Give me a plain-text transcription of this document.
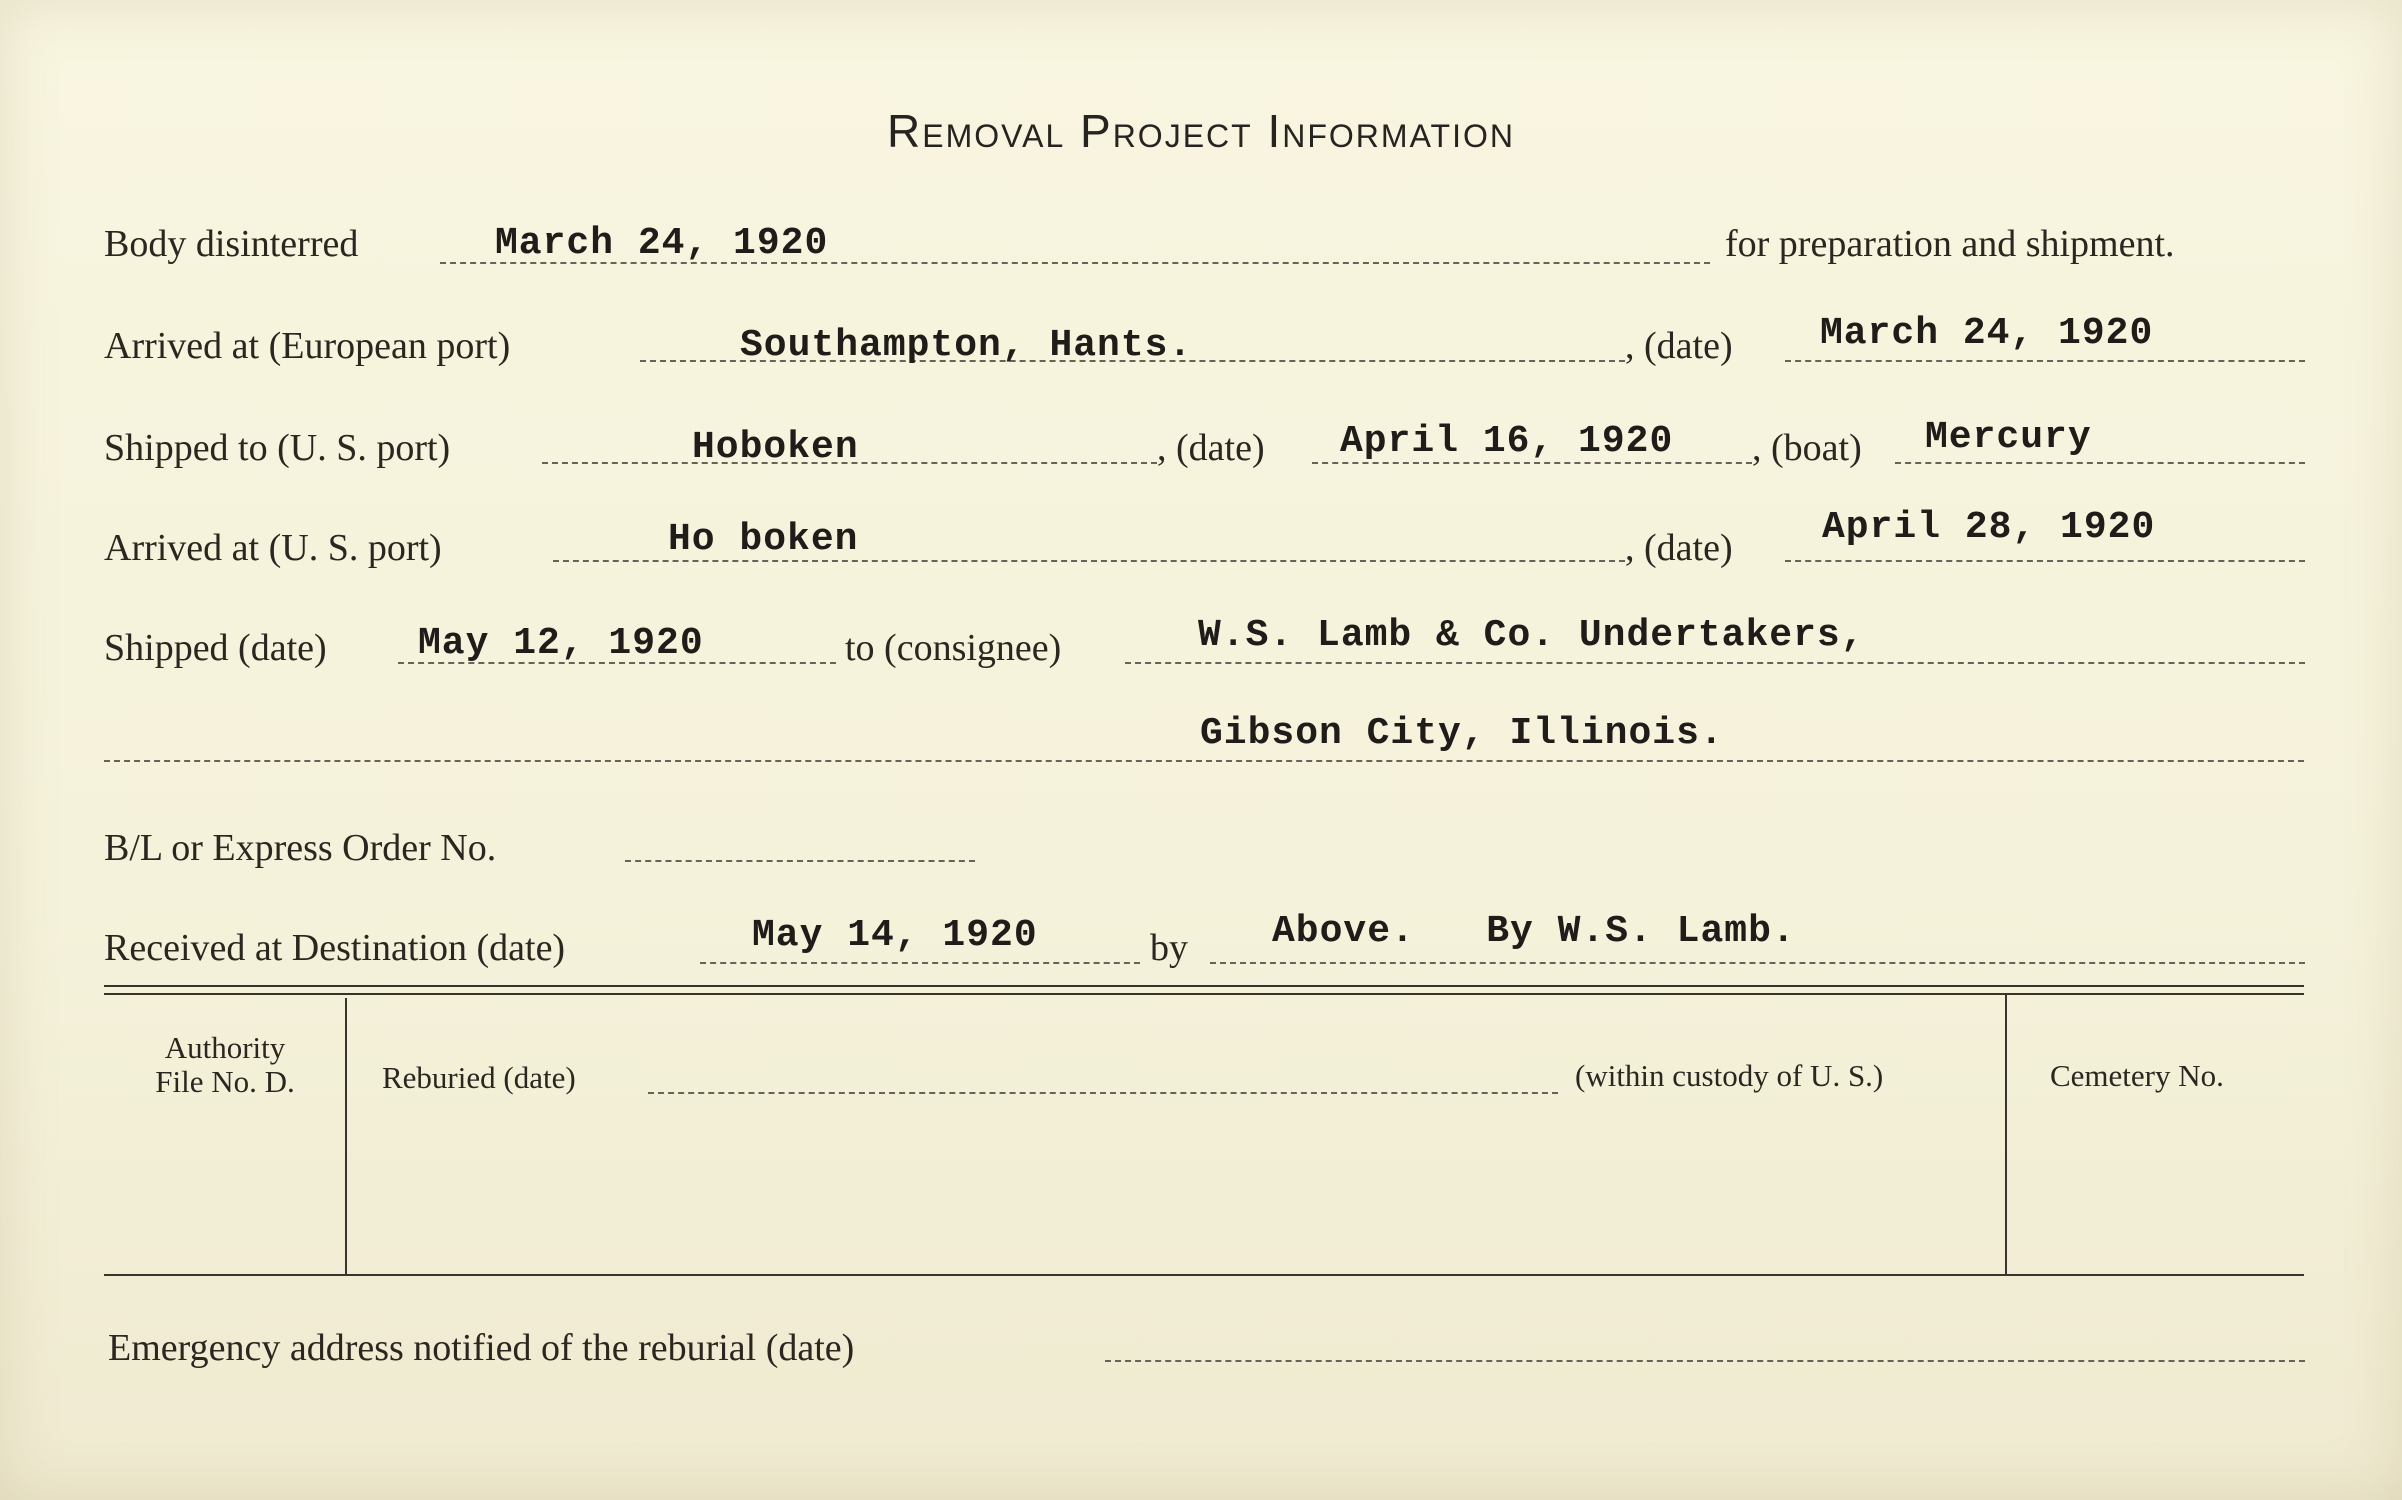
Removal Project Information
Body disinterred	March 24, 1920	for preparation and shipment.
Arrived at (European port)	Southampton, Hants.	, (date) March 24, 1920
Shipped to (U. S. port)	Hoboken	, (date) April 16, 1920 , (boat) Mercury
Arrived at (U. S. port)	Ho boken	, (date) April 28, 1920
Shipped (date) May 12, 1920	to (consignee)	W.S. Lamb & Co. Undertakers,
Gibson City, Illinois.
B/L or Express Order No.
Received at Destination (date)	May 14, 1920	by Above.   By W.S. Lamb.
Authority
File No. D.	Reburied (date)	(within custody of U. S.)	Cemetery No.
Emergency address notified of the reburial (date)
